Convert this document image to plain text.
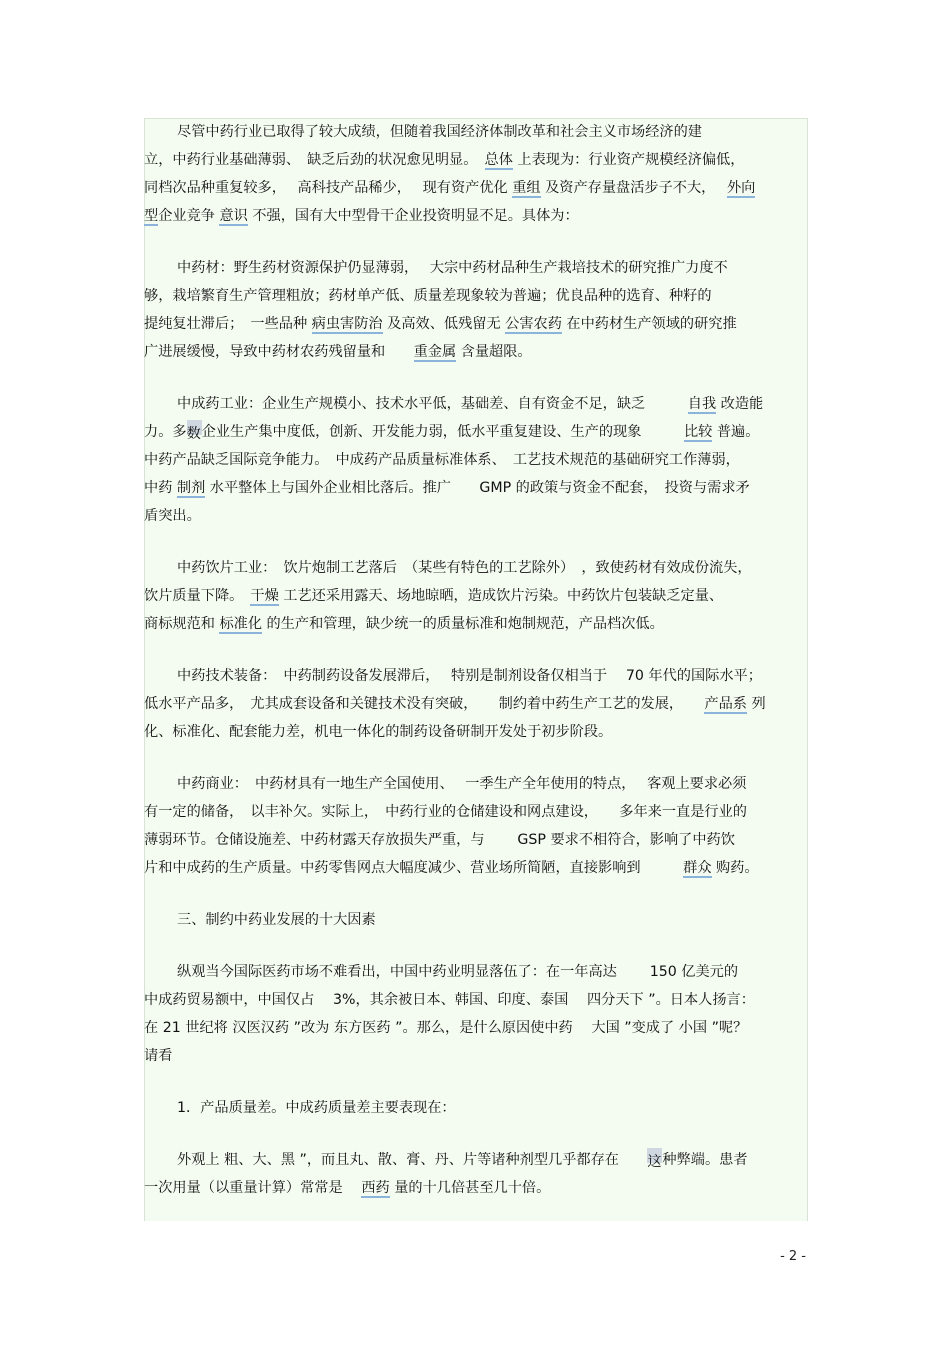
尽管中药行业已取得了较大成绩，但随着我国经济体制改革和社会主义市场经济的建
立，中药行业基础薄弱、　缺乏后劲的状况愈见明显。　总体 上表现为：行业资产规模经济偏低，
同档次品种重复较多，　 高科技产品稀少，　 现有资产优化 重组 及资产存量盘活步子不大，　 外向
型企业竞争 意识 不强，国有大中型骨干企业投资明显不足。具体为：
中药材：野生药材资源保护仍显薄弱，　 大宗中药材品种生产栽培技术的研究推广力度不
够，栽培繁育生产管理粗放；药材单产低、质量差现象较为普遍；优良品种的选育、种籽的
提纯复壮滞后；　一些品种 病虫害防治 及高效、低残留无 公害农药 在中药材生产领域的研究推
广进展缓慢，导致中药材农药残留量和　　重金属 含量超限。
中成药工业：企业生产规模小、技术水平低，基础差、自有资金不足，缺乏　　　自我 改造能
力。多数企业生产集中度低，创新、开发能力弱，低水平重复建设、生产的现象　　　比较 普遍。
中药产品缺乏国际竞争能力。　中成药产品质量标准体系、　工艺技术规范的基础研究工作薄弱，
中药 制剂 水平整体上与国外企业相比落后。推广　　GMP 的政策与资金不配套，　投资与需求矛
盾突出。
中药饮片工业：　饮片炮制工艺落后　（某些有特色的工艺除外）　，致使药材有效成份流失，
饮片质量下降。　干燥 工艺还采用露天、场地晾晒，造成饮片污染。中药饮片包装缺乏定量、
商标规范和 标准化 的生产和管理，缺少统一的质量标准和炮制规范，产品档次低。
中药技术装备：　中药制药设备发展滞后，　 特别是制剂设备仅相当于　 70 年代的国际水平；
低水平产品多，　尤其成套设备和关键技术没有突破，　　制约着中药生产工艺的发展，　　产品系 列
化、标准化、配套能力差，机电一体化的制药设备研制开发处于初步阶段。
中药商业：　中药材具有一地生产全国使用、　 一季生产全年使用的特点，　 客观上要求必须
有一定的储备，　以丰补欠。实际上，　中药行业的仓储建设和网点建设，　　多年来一直是行业的
薄弱环节。仓储设施差、中药材露天存放损失严重，与　　 GSP 要求不相符合，影响了中药饮
片和中成药的生产质量。中药零售网点大幅度减少、营业场所简陋，直接影响到　　　群众 购药。
三、制约中药业发展的十大因素
纵观当今国际医药市场不难看出，中国中药业明显落伍了：在一年高达　　 150 亿美元的
中成药贸易额中，中国仅占　 3%，其余被日本、韩国、印度、泰国　 四分天下 ”。日本人扬言：
在 21 世纪将 汉医汉药 ”改为 东方医药 ”。那么，是什么原因使中药　 大国 ”变成了 小国 ”呢？
请看
1．产品质量差。中成药质量差主要表现在：
外观上 粗、大、黑 ”，而且丸、散、膏、丹、片等诸种剂型几乎都存在　　这种弊端。患者
一次用量（以重量计算）常常是　 西药 量的十几倍甚至几十倍。
- 2 -
